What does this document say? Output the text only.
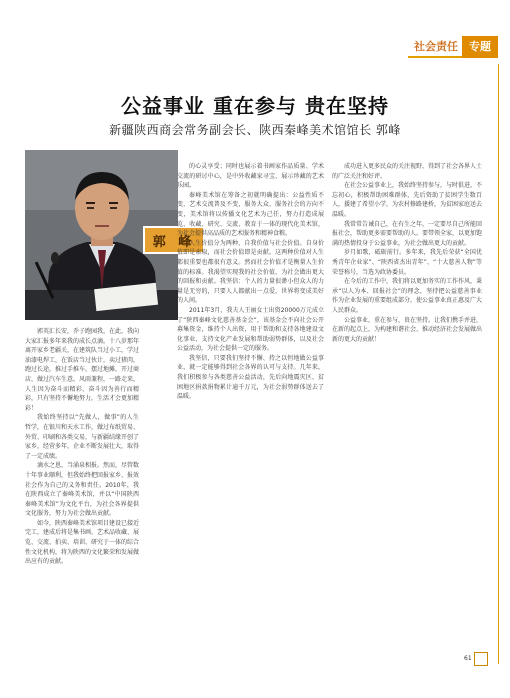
社会责任	专题
公益事业 重在参与 贵在坚持
新疆陕西商会常务副会长、陕西秦峰美术馆馆长 郭峰
郭 峰

郭英汇长安，乔子跑园我。在此，我向大家汇报多年来我的成长点滴。十八岁那年离开家乡老疆关，在建筑队当过小工，学过油漆电焊工，在饭店当过伙计，卖过猪肉，跑过长途，推过手推车，摆过地摊，开过商店，做过汽车生意。风雨兼程，一路走来，人生因为奋斗而精彩，奋斗因为善行而精彩，只有坚持不懈地努力，生活才会更加精彩！

我始终坚持以“先做人，做事”的人生哲学，在银川和天水工作，做过布纸贸易、外贸、印刷和各类交易，与新疆结缘开创了家乡，经营多年，企业不断发展壮大，取得了一定成绩。

滴水之恩，当涌泉相报。然而，尽管数十年事业顺利，但我始终把回报家乡、报效社会作为自己的义务和责任。2010年，我在陕西成立了秦峰美术馆，并以“中国陕西秦峰美术馆”为文化平台，为社会各界提供文化服务，努力为社会做出贡献。

如今，陕西秦峰美术馆项目建设已接近完工，建成后将是集书画、艺术品收藏、展览、交流、拍卖、培训、研究于一体的综合性文化机构，将为陕西的文化繁荣和发展做出应有的贡献。

的心灵享受；同时也展示着书画家作品质量、学术交流的研讨中心，是中外收藏家寻宝、展示珍藏的艺术乐园。

秦峰美术馆在筹备之初就明确提出：公益性质不变，艺术交流普及不变，服务大众、服务社会的方向不变，美术馆将以传播文化艺术为己任，努力打造成展览、收藏、研究、交流、教育于一体的现代化美术馆，为社会提供高品质的艺术服务和精神食粮。

人生价值分为两种，自我价值与社会价值。自身价值即是索取，而社会价值即是贡献。这两种价值对人生都很重要也都很有意义。然而社会价值才是衡量人生价值的标准。我渴望实现我的社会价值，为社会做出更大的回报和贡献。我坚信：个人的力量很渺小但众人的力量是无穷的，只要人人都献出一点爱，世界将变成美好的人间。

2011年3月，我夫人王丽女士出资20000万元成立了“陕西秦峰文化慈善基金会”，该基金会不向社会公开募集资金，维持个人出资，用于帮助和支持各地建设文化事业、支持文化产业发展和帮助弱势群体，以及社会公益活动，为社会提供一定的服务。

我坚信，只要我们坚持不懈、持之以恒地做公益事业，就一定能够得到社会各界的认可与支持。几年来，我们积极参与各类慈善公益活动，先后向地震灾区、贫困地区捐款捐物累计逾千万元，为社会弱势群体送去了温暖。

成功进入更多民众的关注视野，得到了社会各界人士的广泛关注和好评。

在社会公益事业上，我始终坚持参与，与时俱进，不忘初心，积极帮助困难群体，先后资助了贫困学生数百人，援建了希望小学，为农村修路建桥，为贫困家庭送去温暖。

我常常告诫自己，在有生之年，一定要尽自己所能回报社会，帮助更多需要帮助的人。要带领全家，以更加饱满的热情投身于公益事业，为社会做出更大的贡献。

岁月如歌，砥砺前行。多年来，我先后荣获“全国优秀青年企业家”、“陕西省杰出青年”、“十大慈善人物”等荣誉称号，当选为政协委员。

在今后的工作中，我们将以更加务实的工作作风，秉承“以人为本、回报社会”的理念，坚持把公益慈善事业作为企业发展的重要组成部分，使公益事业真正惠及广大人民群众。

公益事业，重在参与，贵在坚持。让我们携手并进，在新的起点上，为构建和谐社会、推动经济社会发展做出新的更大的贡献！

61
